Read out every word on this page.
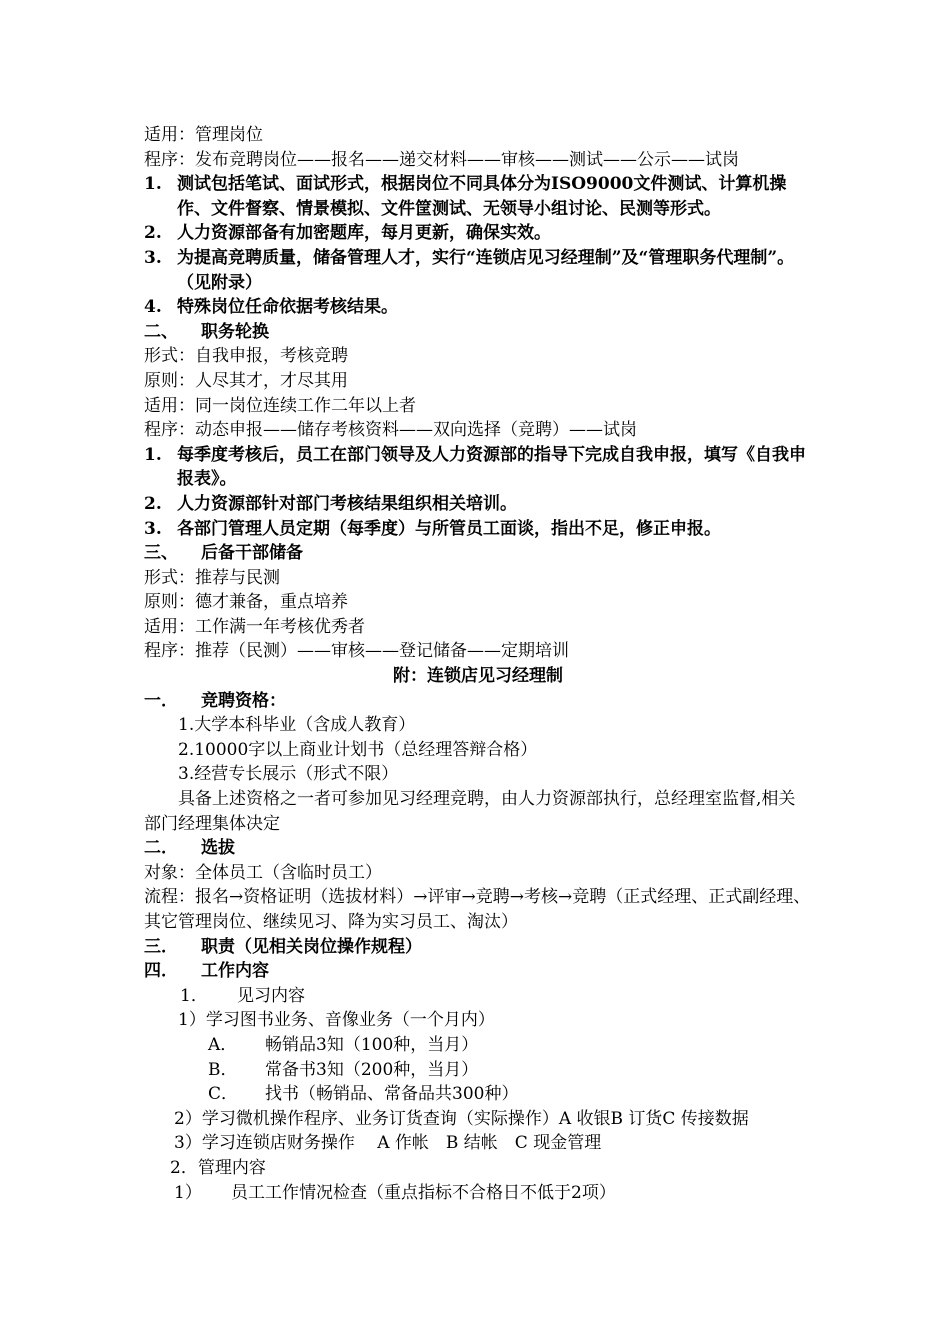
适用：管理岗位
程序：发布竞聘岗位——报名——递交材料——审核——测试——公示——试岗
1. 测试包括笔试、面试形式，根据岗位不同具体分为ISO9000文件测试、计算机操作、文件督察、情景模拟、文件筐测试、无领导小组讨论、民测等形式。
2. 人力资源部备有加密题库，每月更新，确保实效。
3. 为提高竞聘质量，储备管理人才，实行“连锁店见习经理制”及“管理职务代理制”。（见附录）
4. 特殊岗位任命依据考核结果。
二、 职务轮换
形式：自我申报，考核竞聘
原则：人尽其才，才尽其用
适用：同一岗位连续工作二年以上者
程序：动态申报——储存考核资料——双向选择（竞聘）——试岗
1. 每季度考核后，员工在部门领导及人力资源部的指导下完成自我申报，填写《自我申报表》。
2. 人力资源部针对部门考核结果组织相关培训。
3. 各部门管理人员定期（每季度）与所管员工面谈，指出不足，修正申报。
三、 后备干部储备
形式：推荐与民测
原则：德才兼备，重点培养
适用：工作满一年考核优秀者
程序：推荐（民测）——审核——登记储备——定期培训
附：连锁店见习经理制
一． 竞聘资格：
1.大学本科毕业（含成人教育）
2.10000字以上商业计划书（总经理答辩合格）
3.经营专长展示（形式不限）
具备上述资格之一者可参加见习经理竞聘，由人力资源部执行，总经理室监督,相关部门经理集体决定
二． 选拔
对象：全体员工（含临时员工）
流程：报名→资格证明（选拔材料）→评审→竞聘→考核→竞聘（正式经理、正式副经理、其它管理岗位、继续见习、降为实习员工、淘汰）
三． 职责（见相关岗位操作规程）
四． 工作内容
1． 见习内容
1）学习图书业务、音像业务（一个月内）
A． 畅销品3知（100种，当月）
B． 常备书3知（200种，当月）
C． 找书（畅销品、常备品共300种）
2）学习微机操作程序、业务订货查询（实际操作）A 收银B 订货C 传接数据
3）学习连锁店财务操作　 A 作帐　B 结帐　C 现金管理
2．管理内容
1） 员工工作情况检查（重点指标不合格日不低于2项）
